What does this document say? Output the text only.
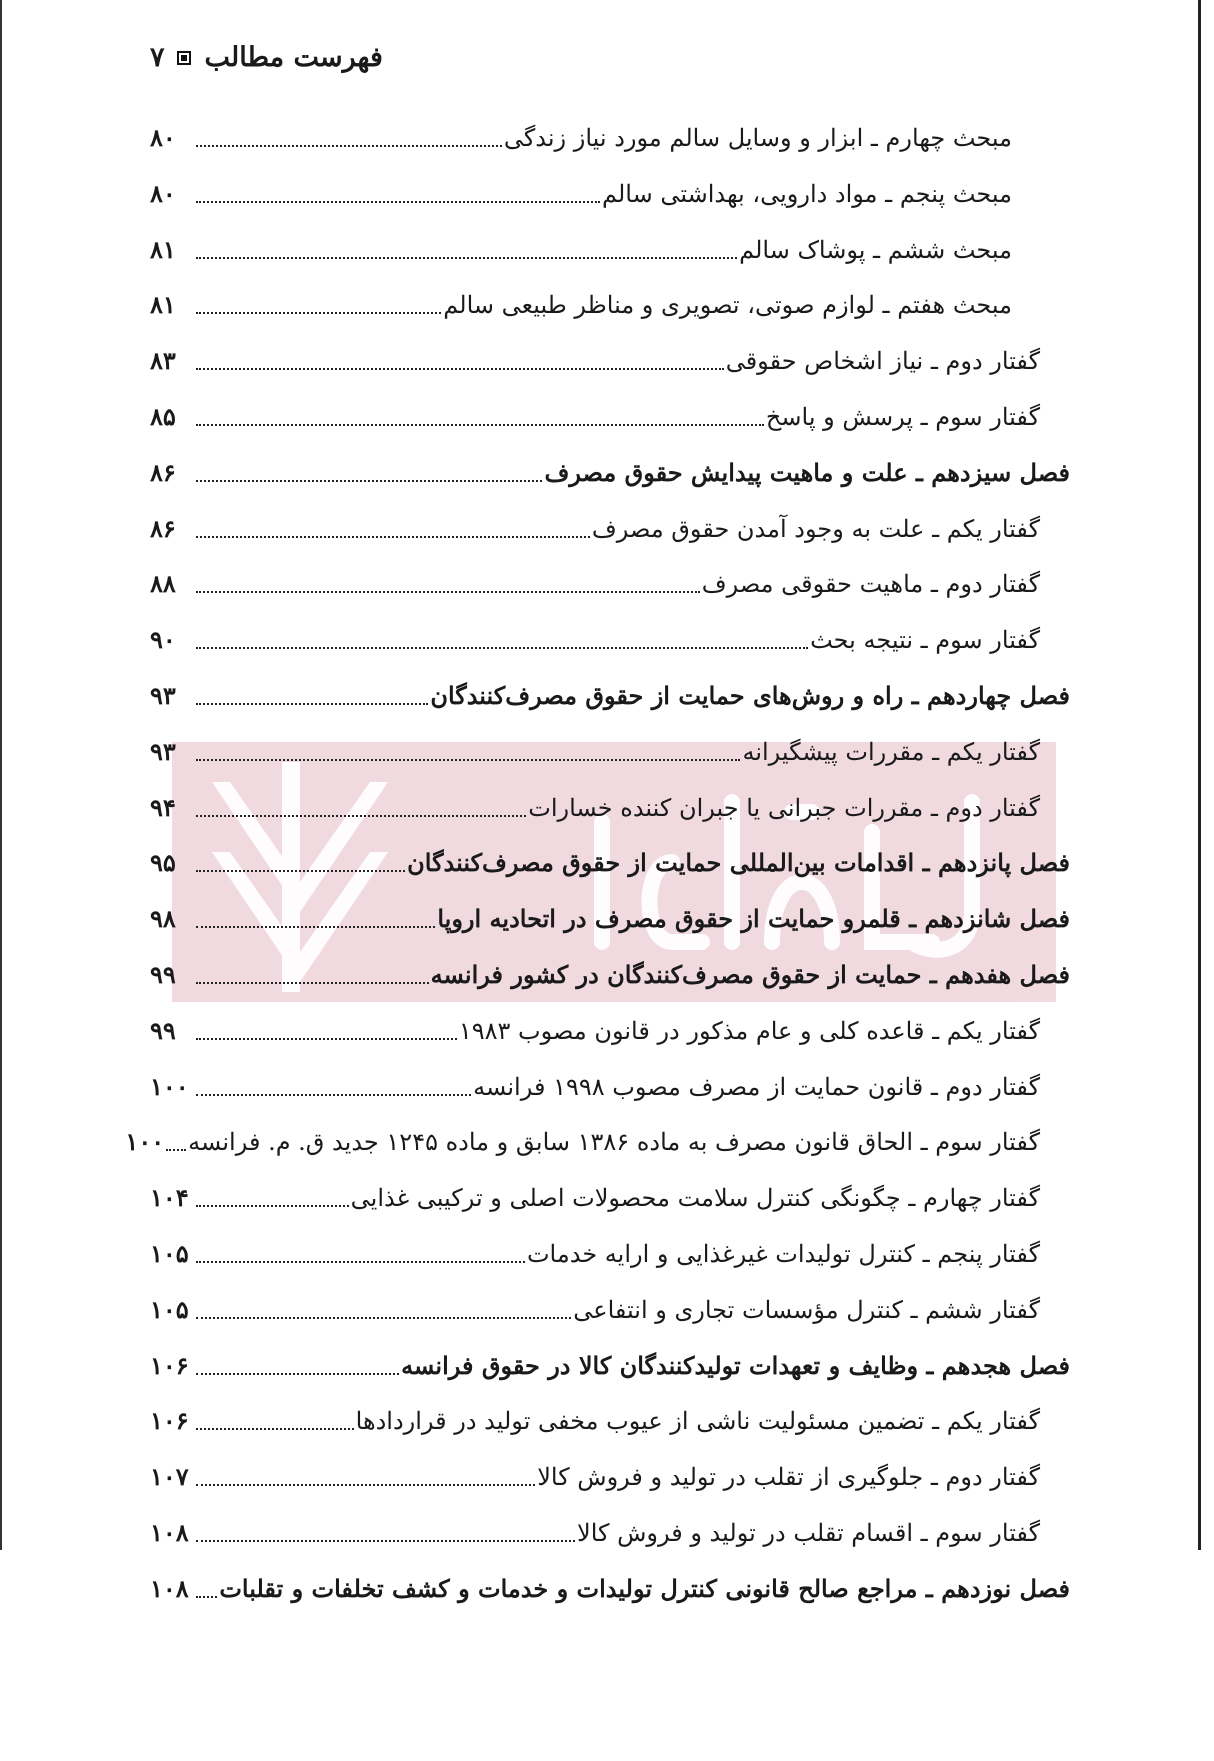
فهرست مطالب
۷
مبحث چهارم ـ ابزار و وسایل سالم مورد نیاز زندگی
۸۰
مبحث پنجم ـ مواد دارویی، بهداشتی سالم
۸۰
مبحث ششم ـ پوشاک سالم
۸۱
مبحث هفتم ـ لوازم صوتی، تصویری و مناظر طبیعی سالم
۸۱
گفتار دوم ـ نیاز اشخاص حقوقی
۸۳
گفتار سوم ـ پرسش و پاسخ
۸۵
فصل سیزدهم ـ علت و ماهیت پیدایش حقوق مصرف
۸۶
گفتار یکم ـ علت به وجود آمدن حقوق مصرف
۸۶
گفتار دوم ـ ماهیت حقوقی مصرف
۸۸
گفتار سوم ـ نتیجه بحث
۹۰
فصل چهاردهم ـ راه و روش‌های حمایت از حقوق مصرف‌کنندگان
۹۳
گفتار یکم ـ مقررات پیشگیرانه
۹۳
گفتار دوم ـ مقررات جبرانی یا جبران کننده خسارات
۹۴
فصل پانزدهم ـ اقدامات بین‌المللی حمایت از حقوق مصرف‌کنندگان
۹۵
فصل شانزدهم ـ قلمرو حمایت از حقوق مصرف در اتحادیه اروپا
۹۸
فصل هفدهم ـ حمایت از حقوق مصرف‌کنندگان در کشور فرانسه
۹۹
گفتار یکم ـ قاعده کلی و عام مذکور در قانون مصوب ۱۹۸۳
۹۹
گفتار دوم ـ قانون حمایت از مصرف مصوب ۱۹۹۸ فرانسه
۱۰۰
گفتار سوم ـ الحاق قانون مصرف به ماده ۱۳۸۶ سابق و ماده ۱۲۴۵ جدید ق. م. فرانسه
۱۰۰
گفتار چهارم ـ چگونگی کنترل سلامت محصولات اصلی و ترکیبی غذایی
۱۰۴
گفتار پنجم ـ کنترل تولیدات غیرغذایی و ارایه خدمات
۱۰۵
گفتار ششم ـ کنترل مؤسسات تجاری و انتفاعی
۱۰۵
فصل هجدهم ـ وظایف و تعهدات تولیدکنندگان کالا در حقوق فرانسه
۱۰۶
گفتار یکم ـ تضمین مسئولیت ناشی از عیوب مخفی تولید در قراردادها
۱۰۶
گفتار دوم ـ جلوگیری از تقلب در تولید و فروش کالا
۱۰۷
گفتار سوم ـ اقسام تقلب در تولید و فروش کالا
۱۰۸
فصل نوزدهم ـ مراجع صالح قانونی کنترل تولیدات و خدمات و کشف تخلفات و تقلبات
۱۰۸
